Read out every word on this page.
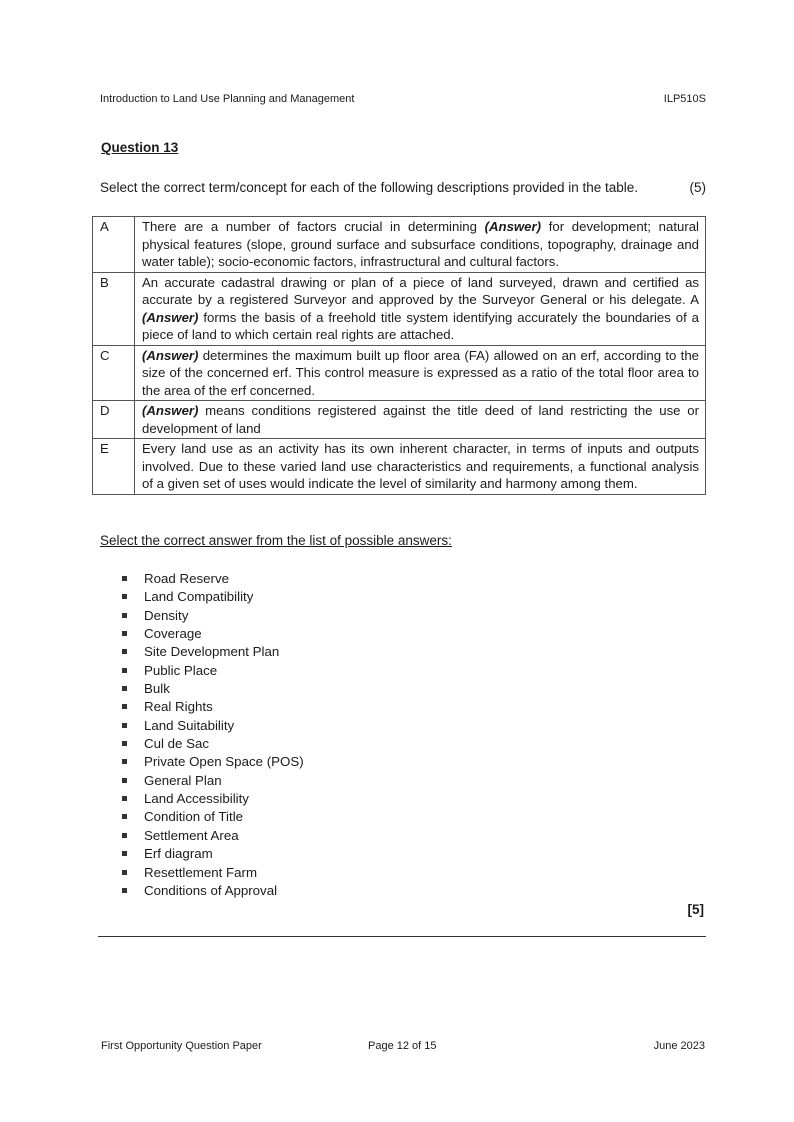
Introduction to Land Use Planning and Management	ILP510S
Question 13
Select the correct term/concept for each of the following descriptions provided in the table.	(5)
A	There are a number of factors crucial in determining (Answer) for development; natural physical features (slope, ground surface and subsurface conditions, topography, drainage and water table); socio-economic factors, infrastructural and cultural factors.
B	An accurate cadastral drawing or plan of a piece of land surveyed, drawn and certified as accurate by a registered Surveyor and approved by the Surveyor General or his delegate. A (Answer) forms the basis of a freehold title system identifying accurately the boundaries of a piece of land to which certain real rights are attached.
C	(Answer) determines the maximum built up floor area (FA) allowed on an erf, according to the size of the concerned erf. This control measure is expressed as a ratio of the total floor area to the area of the erf concerned.
D	(Answer) means conditions registered against the title deed of land restricting the use or development of land
E	Every land use as an activity has its own inherent character, in terms of inputs and outputs involved. Due to these varied land use characteristics and requirements, a functional analysis of a given set of uses would indicate the level of similarity and harmony among them.
Select the correct answer from the list of possible answers:
Road Reserve
Land Compatibility
Density
Coverage
Site Development Plan
Public Place
Bulk
Real Rights
Land Suitability
Cul de Sac
Private Open Space (POS)
General Plan
Land Accessibility
Condition of Title
Settlement Area
Erf diagram
Resettlement Farm
Conditions of Approval
[5]
First Opportunity Question Paper	Page 12 of 15	June 2023
